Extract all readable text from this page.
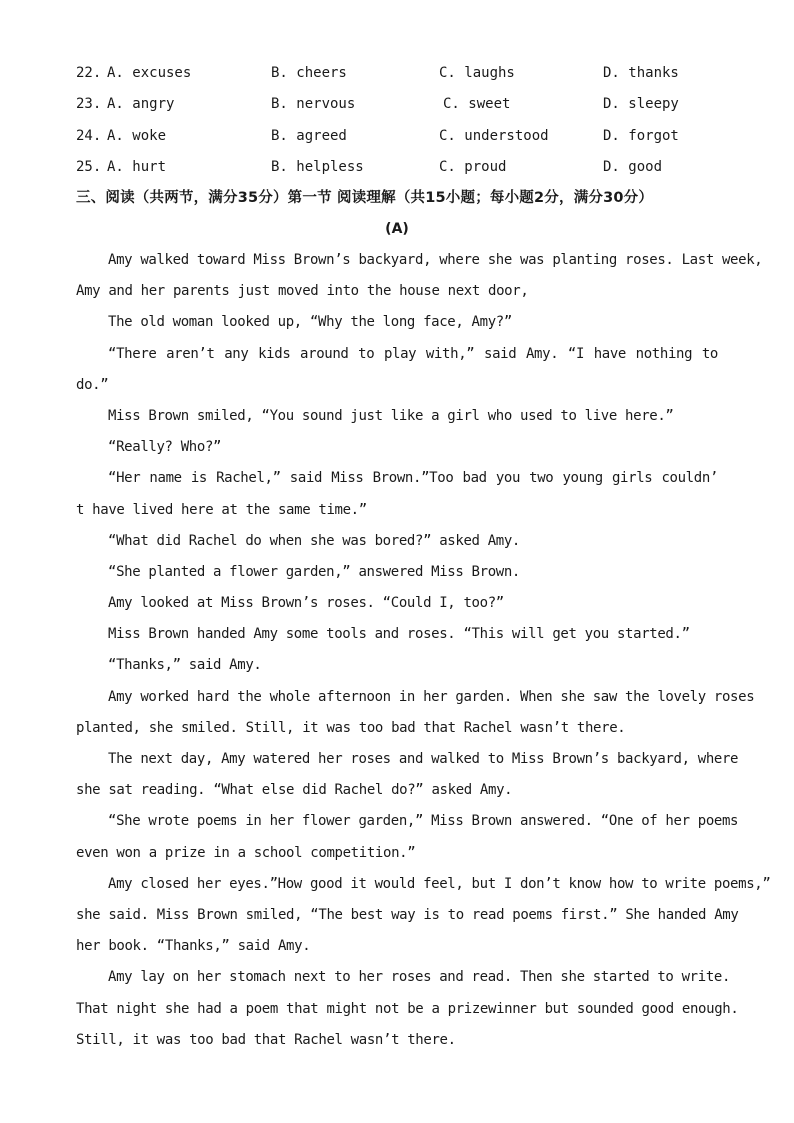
22. A. excuses	B. cheers	C. laughs	D. thanks
23. A. angry	B. nervous	C. sweet	D. sleepy
24. A. woke	B. agreed	C. understood	D. forgot
25. A. hurt	B. helpless	C. proud	D. good
三、阅读（共两节，满分35分）第一节 阅读理解（共15小题；每小题2分，满分30分）
(A)
Amy walked toward Miss Brown’s backyard, where she was planting roses. Last week,
Amy and her parents just moved into the house next door,
The old woman looked up, “Why the long face, Amy?”
“There aren’t any kids around to play with,” said Amy. “I have nothing to
do.”
Miss Brown smiled, “You sound just like a girl who used to live here.”
“Really? Who?”
“Her name is Rachel,” said Miss Brown.”Too bad you two young girls couldn’
t have lived here at the same time.”
“What did Rachel do when she was bored?” asked Amy.
“She planted a flower garden,” answered Miss Brown.
Amy looked at Miss Brown’s roses. “Could I, too?”
Miss Brown handed Amy some tools and roses. “This will get you started.”
“Thanks,” said Amy.
Amy worked hard the whole afternoon in her garden. When she saw the lovely roses
planted, she smiled. Still, it was too bad that Rachel wasn’t there.
The next day, Amy watered her roses and walked to Miss Brown’s backyard, where
she sat reading. “What else did Rachel do?” asked Amy.
“She wrote poems in her flower garden,” Miss Brown answered. “One of her poems
even won a prize in a school competition.”
Amy closed her eyes.”How good it would feel, but I don’t know how to write poems,”
she said. Miss Brown smiled, “The best way is to read poems first.” She handed Amy
her book. “Thanks,” said Amy.
Amy lay on her stomach next to her roses and read. Then she started to write.
That night she had a poem that might not be a prizewinner but sounded good enough.
Still, it was too bad that Rachel wasn’t there.
